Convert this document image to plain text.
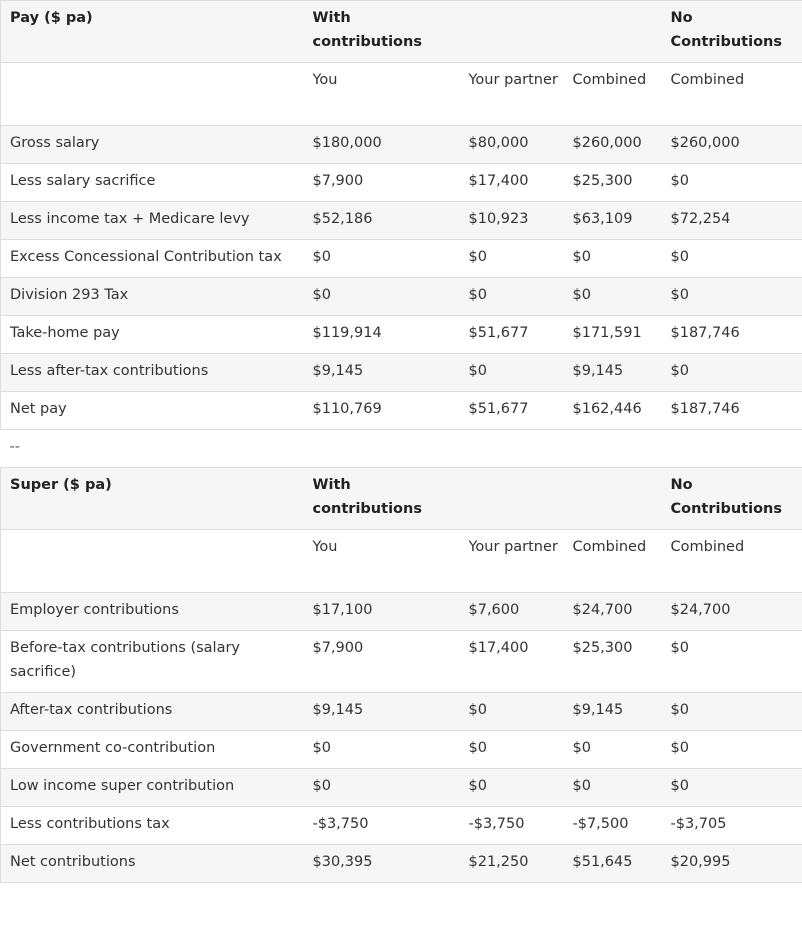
Pay ($ pa)	With contributions			No Contributions
	You	Your partner	Combined	Combined
Gross salary	$180,000	$80,000	$260,000	$260,000
Less salary sacrifice	$7,900	$17,400	$25,300	$0
Less income tax + Medicare levy	$52,186	$10,923	$63,109	$72,254
Excess Concessional Contribution tax	$0	$0	$0	$0
Division 293 Tax	$0	$0	$0	$0
Take-home pay	$119,914	$51,677	$171,591	$187,746
Less after-tax contributions	$9,145	$0	$9,145	$0
Net pay	$110,769	$51,677	$162,446	$187,746
--				
Super ($ pa)	With contributions			No Contributions
	You	Your partner	Combined	Combined
Employer contributions	$17,100	$7,600	$24,700	$24,700
Before-tax contributions (salary sacrifice)	$7,900	$17,400	$25,300	$0
After-tax contributions	$9,145	$0	$9,145	$0
Government co-contribution	$0	$0	$0	$0
Low income super contribution	$0	$0	$0	$0
Less contributions tax	-$3,750	-$3,750	-$7,500	-$3,705
Net contributions	$30,395	$21,250	$51,645	$20,995
